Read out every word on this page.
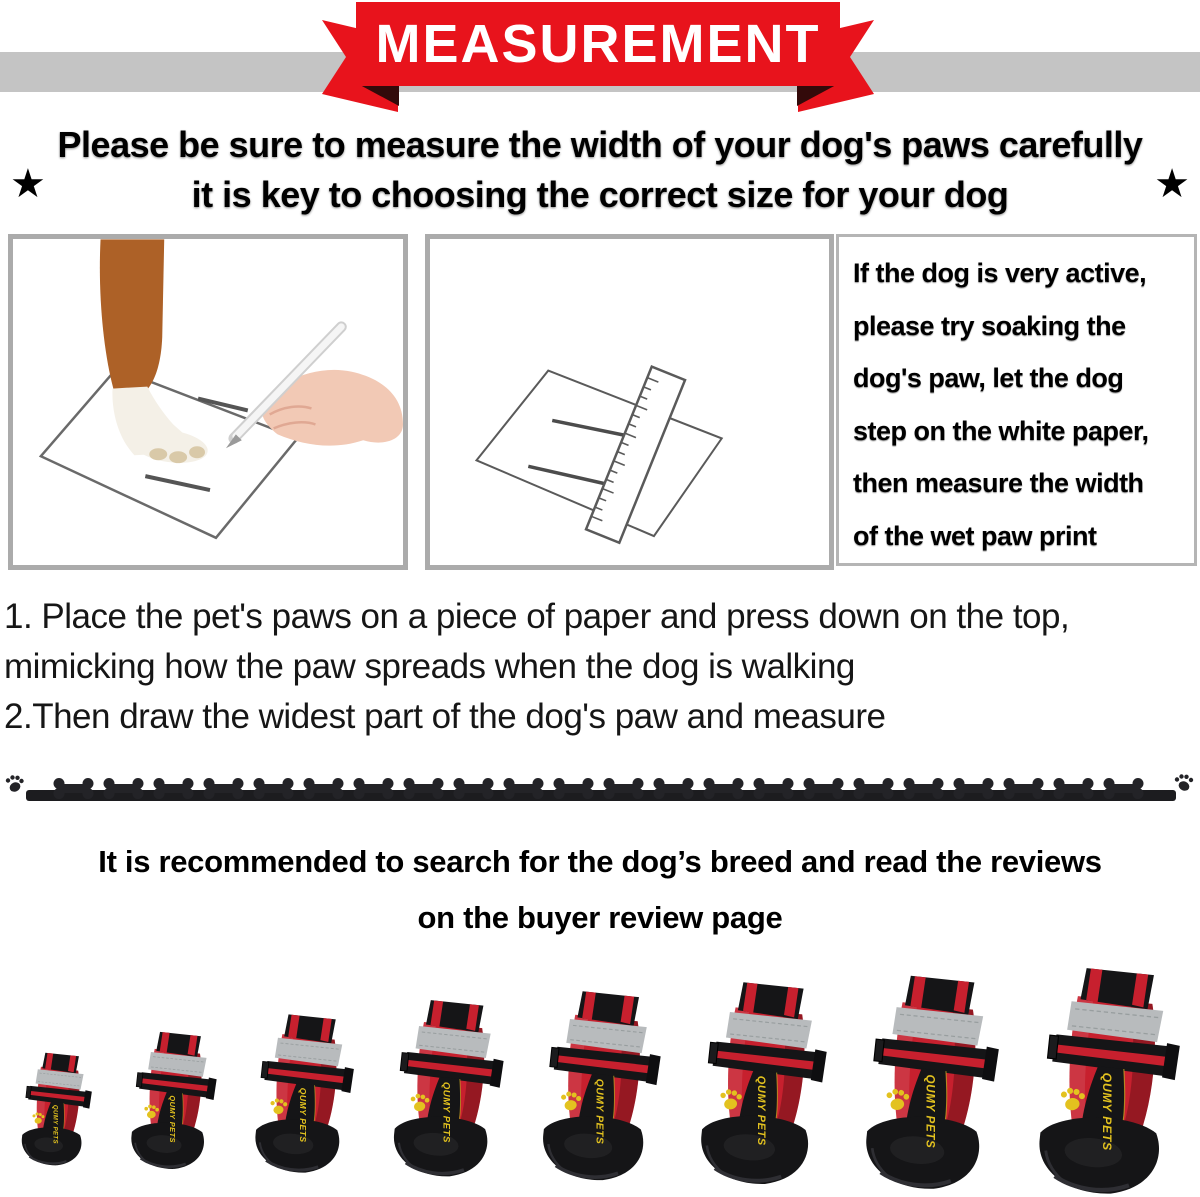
MEASUREMENT
Please be sure to measure the width of your dog's paws carefully
it is key to choosing the correct size for your dog
★	★
If the dog is very active,
please try soaking the
dog's paw, let the dog
step on the white paper,
then measure the width
of the wet paw print
1. Place the pet's paws on a piece of paper and press down on the top,
mimicking how the paw spreads when the dog is walking
2.Then draw the widest part of the dog's paw and measure
It is recommended to search for the dog’s breed and read the reviews
on the buyer review page
QUMY PETS	QUMY PETS	QUMY PETS	QUMY PETS	QUMY PETS	QUMY PETS	QUMY PETS	QUMY PETS
